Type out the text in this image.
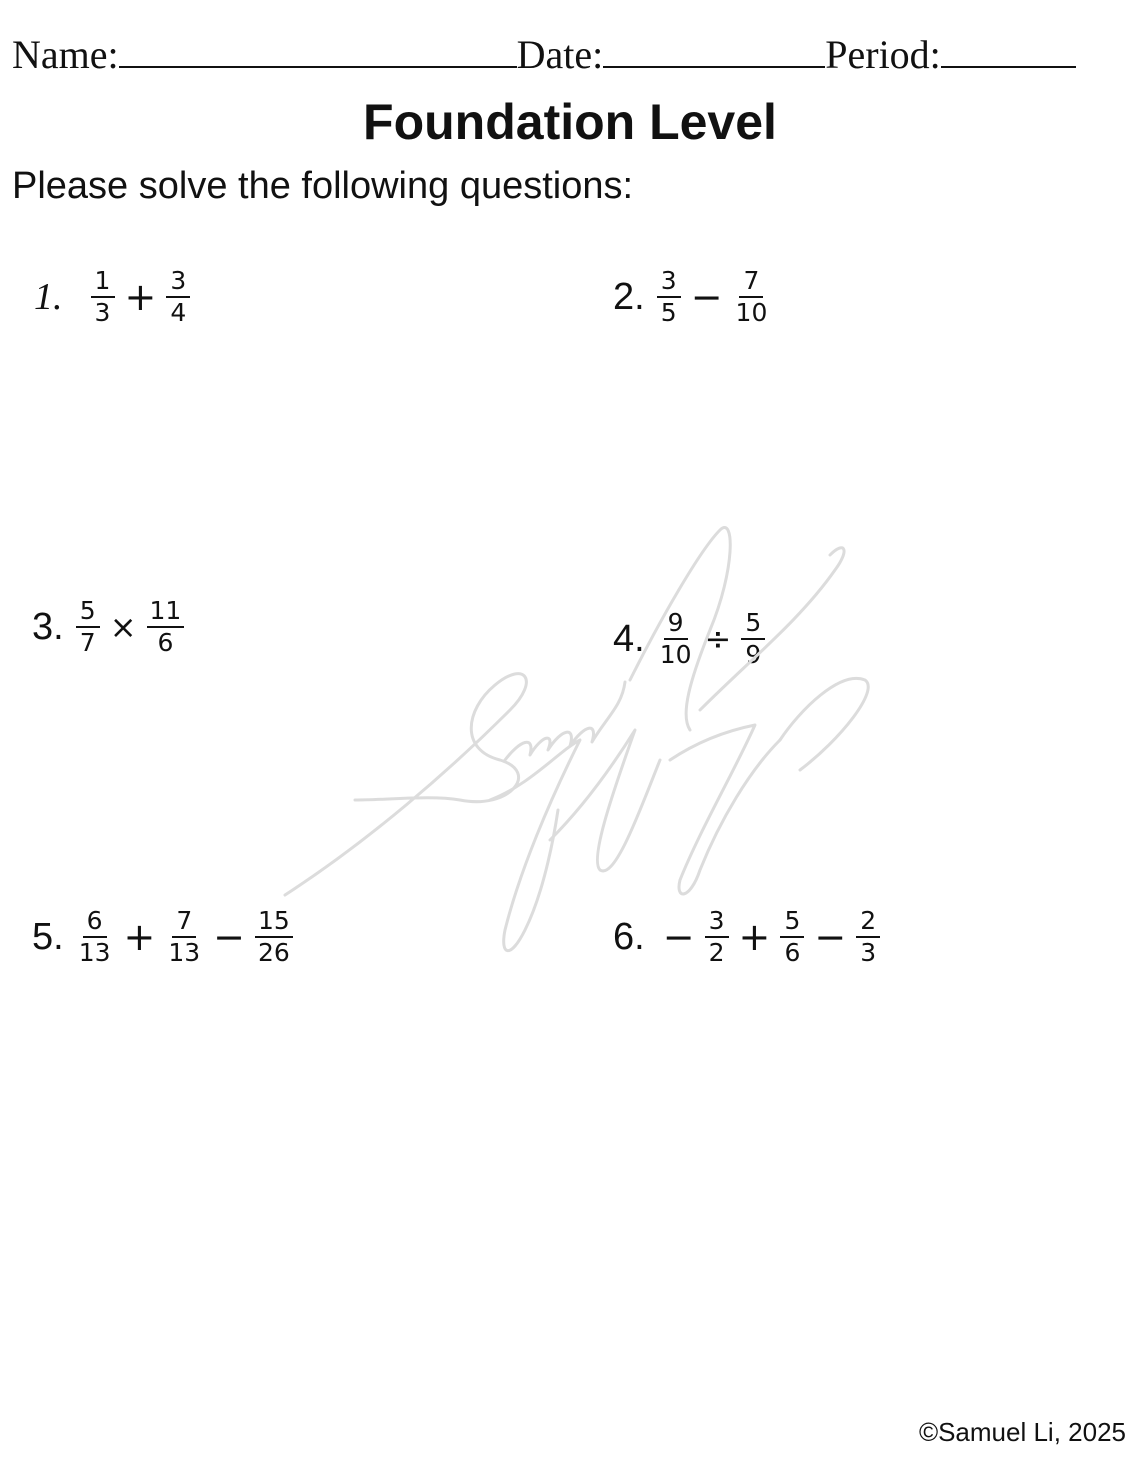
Name:	Date:	Period:
Foundation Level
Please solve the following questions:
1. $\frac{1}{3} + \frac{3}{4}$	2. $\frac{3}{5} - \frac{7}{10}$
3. $\frac{5}{7} \times \frac{11}{6}$	4. $\frac{9}{10} \div \frac{5}{9}$
5. $\frac{6}{13} + \frac{7}{13} - \frac{15}{26}$	6. − $\frac{3}{2} + \frac{5}{6} - \frac{2}{3}$
©Samuel Li, 2025
